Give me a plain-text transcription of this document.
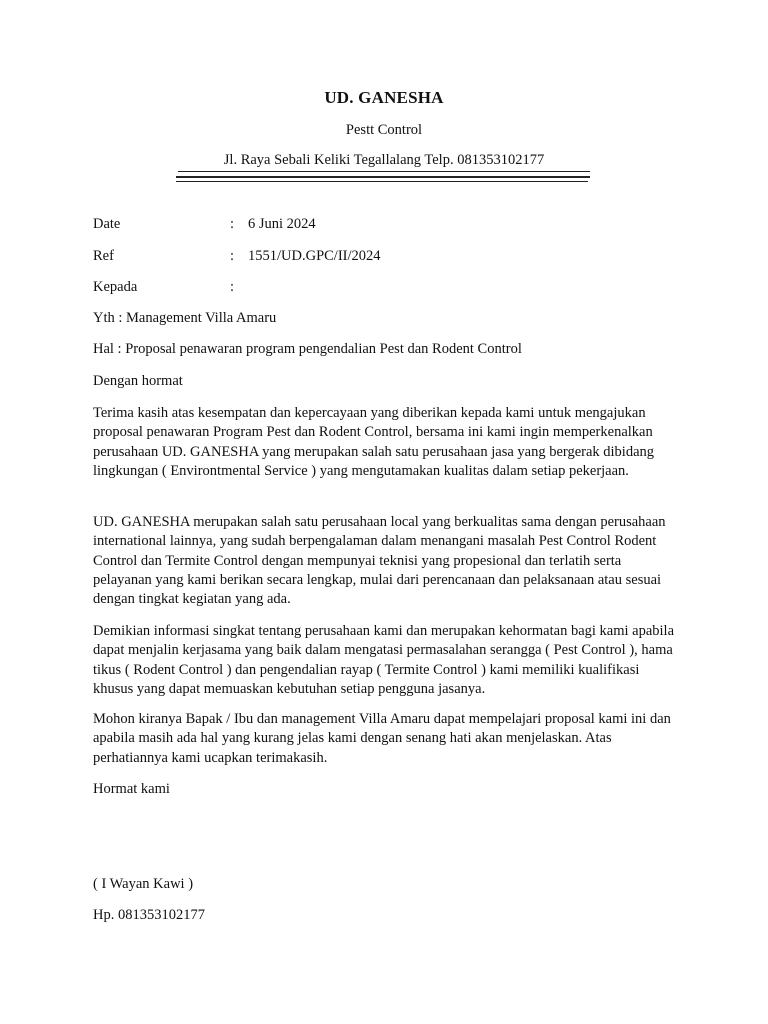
UD. GANESHA
Pestt Control
Jl. Raya Sebali Keliki Tegallalang Telp. 081353102177
Date	: 6 Juni 2024
Ref	: 1551/UD.GPC/II/2024
Kepada	:
Yth : Management Villa Amaru
Hal : Proposal penawaran program pengendalian Pest dan Rodent Control
Dengan hormat
Terima kasih atas kesempatan dan kepercayaan yang diberikan kepada kami untuk mengajukan proposal penawaran Program Pest dan Rodent Control, bersama ini kami ingin memperkenalkan perusahaan UD. GANESHA yang merupakan salah satu perusahaan jasa yang bergerak dibidang lingkungan ( Environtmental Service ) yang mengutamakan kualitas dalam setiap pekerjaan.
UD. GANESHA merupakan salah satu perusahaan local yang berkualitas sama dengan perusahaan international lainnya, yang sudah berpengalaman dalam menangani masalah Pest Control Rodent Control dan Termite Control dengan mempunyai teknisi yang propesional dan terlatih serta pelayanan yang kami berikan secara lengkap, mulai dari perencanaan dan pelaksanaan atau sesuai dengan tingkat kegiatan yang ada.
Demikian informasi singkat tentang perusahaan kami dan merupakan kehormatan bagi kami apabila dapat menjalin kerjasama yang baik dalam mengatasi permasalahan serangga ( Pest Control ), hama tikus ( Rodent Control ) dan pengendalian rayap ( Termite Control ) kami memiliki kualifikasi khusus yang dapat memuaskan kebutuhan setiap pengguna jasanya.
Mohon kiranya Bapak / Ibu dan management Villa Amaru dapat mempelajari proposal kami ini dan apabila masih ada hal yang kurang jelas kami dengan senang hati akan menjelaskan. Atas perhatiannya kami ucapkan terimakasih.
Hormat kami
( I Wayan Kawi )
Hp. 081353102177
